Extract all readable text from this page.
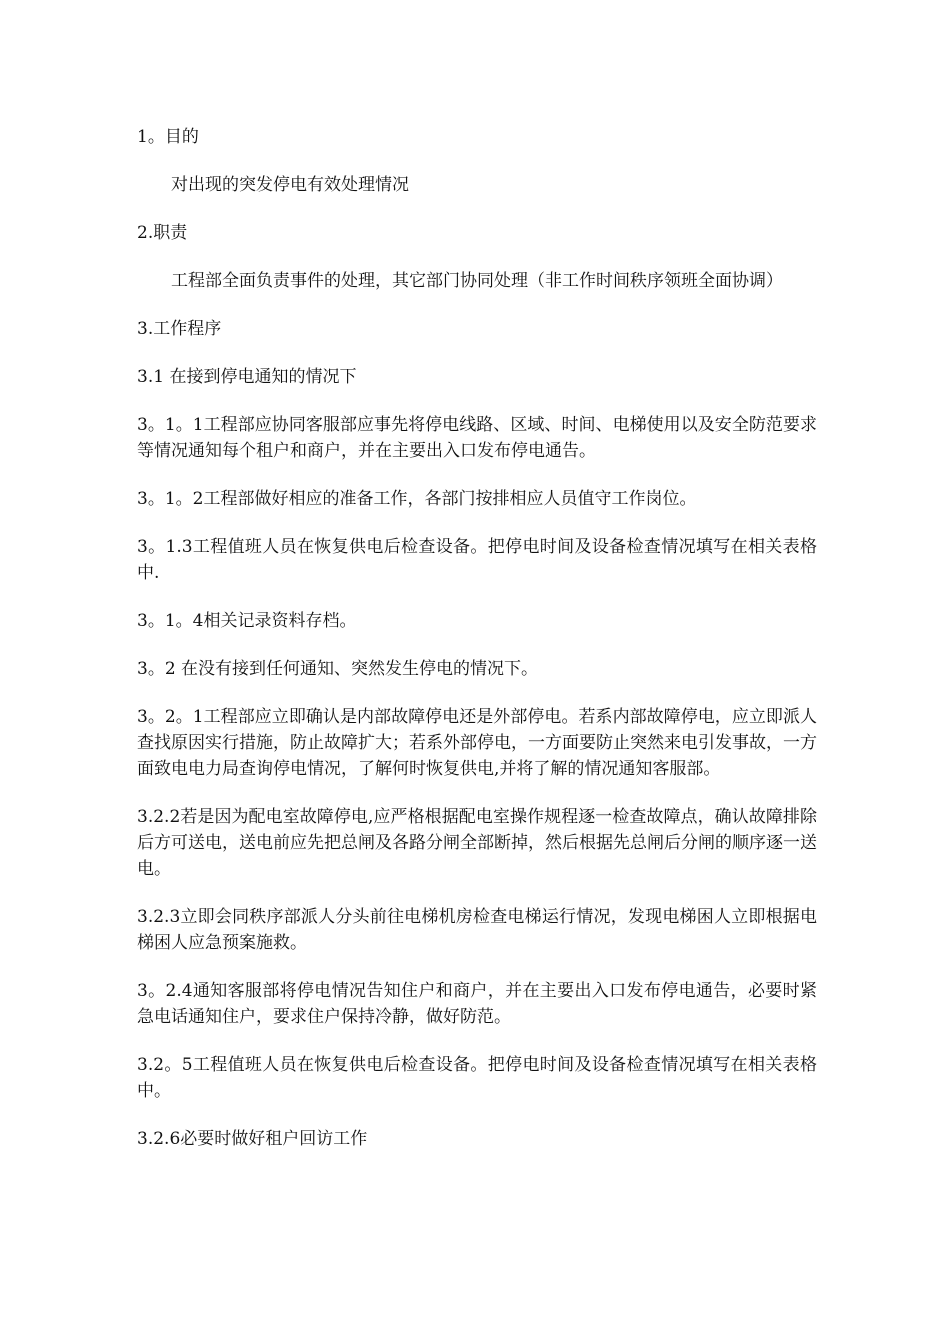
1。目的

对出现的突发停电有效处理情况

2.职责

工程部全面负责事件的处理，其它部门协同处理（非工作时间秩序领班全面协调）

3.工作程序

3.1 在接到停电通知的情况下

3。1。1工程部应协同客服部应事先将停电线路、区域、时间、电梯使用以及安全防范要求等情况通知每个租户和商户，并在主要出入口发布停电通告。

3。1。2工程部做好相应的准备工作，各部门按排相应人员值守工作岗位。

3。1.3工程值班人员在恢复供电后检查设备。把停电时间及设备检查情况填写在相关表格中.

3。1。4相关记录资料存档。

3。2 在没有接到任何通知、突然发生停电的情况下。

3。2。1工程部应立即确认是内部故障停电还是外部停电。若系内部故障停电，应立即派人查找原因实行措施，防止故障扩大；若系外部停电，一方面要防止突然来电引发事故，一方面致电电力局查询停电情况，了解何时恢复供电,并将了解的情况通知客服部。

3.2.2若是因为配电室故障停电,应严格根据配电室操作规程逐一检查故障点，确认故障排除后方可送电，送电前应先把总闸及各路分闸全部断掉，然后根据先总闸后分闸的顺序逐一送电。

3.2.3立即会同秩序部派人分头前往电梯机房检查电梯运行情况，发现电梯困人立即根据电梯困人应急预案施救。

3。2.4通知客服部将停电情况告知住户和商户，并在主要出入口发布停电通告，必要时紧急电话通知住户，要求住户保持冷静，做好防范。

3.2。5工程值班人员在恢复供电后检查设备。把停电时间及设备检查情况填写在相关表格中。

3.2.6必要时做好租户回访工作
